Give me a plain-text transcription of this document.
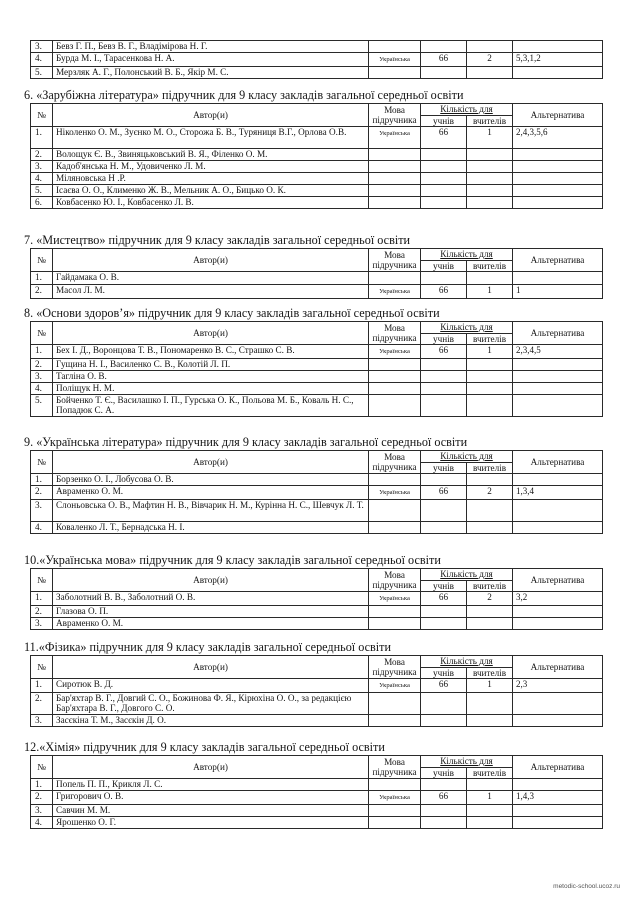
3.	Бевз Г. П., Бевз В. Г., Владімірова Н. Г.				
4.	Бурда М. І., Тарасенкова Н. А.	Українська	66	2	5,3,1,2
5.	Мерзляк А. Г., Полонський В. Б., Якір М. С.				
6. «Зарубіжна література» підручник для 9 класу закладів загальної середньої освіти
№	Автор(и)	Мова підручника	Кількість для		Альтернатива
			учнів	вчителів	
1.	Ніколенко О. М., Зуєнко М. О., Сторожа Б. В., Туряниця В.Г., Орлова О.В.	Українська	66	1	2,4,3,5,6
2.	Волощук Є. В., Звиняцьковський В. Я., Філенко О. М.				
3.	Кадоб'янська Н. М., Удовиченко Л. М.				
4.	Міляновська Н .Р.				
5.	Ісаєва О. О., Клименко Ж. В., Мельник А. О., Бицько О. К.				
6.	Ковбасенко Ю. І., Ковбасенко Л. В.				
7. «Мистецтво» підручник для 9 класу закладів загальної середньої освіти
№	Автор(и)	Мова підручника	Кількість для		Альтернатива
			учнів	вчителів	
1.	Гайдамака О. В.				
2.	Масол Л. М.	Українська	66	1	1
8. «Основи здоров’я» підручник для 9 класу закладів загальної середньої освіти
№	Автор(и)	Мова підручника	Кількість для		Альтернатива
			учнів	вчителів	
1.	Бех І. Д., Воронцова Т. В., Пономаренко В. С., Страшко С. В.	Українська	66	1	2,3,4,5
2.	Гущина Н. І., Василенко С. В., Колотій Л. П.				
3.	Тагліна О. В.				
4.	Поліщук Н. М.				
5.	Бойченко Т. Є., Василашко І. П., Гурська О. К., Польова М. Б., Коваль Н. С., Попадюк С. А.				
9. «Українська література» підручник для 9 класу закладів загальної середньої освіти
№	Автор(и)	Мова підручника	Кількість для		Альтернатива
			учнів	вчителів	
1.	Борзенко О. І., Лобусова О. В.				
2.	Авраменко О. М.	Українська	66	2	1,3,4
3.	Слоньовська О. В., Мафтин Н. В., Вівчарик Н. М., Курінна Н. С., Шевчук Л. Т.				
4.	Коваленко Л. Т., Бернадська Н. І.				
10.«Українська мова» підручник для 9 класу закладів загальної середньої освіти
№	Автор(и)	Мова підручника	Кількість для		Альтернатива
			учнів	вчителів	
1.	Заболотний В. В., Заболотний О. В.	Українська	66	2	3,2
2.	Глазова О. П.				
3.	Авраменко О. М.				
11.«Фізика» підручник для 9 класу закладів загальної середньої освіти
№	Автор(и)	Мова підручника	Кількість для		Альтернатива
			учнів	вчителів	
1.	Сиротюк В. Д.	Українська	66	1	2,3
2.	Бар'яхтар В. Г., Довгий С. О., Божинова Ф. Я., Кірюхіна О. О., за редакцією Бар'яхтара В. Г., Довгого С. О.				
3.	Засєкіна Т. М., Засєкін Д. О.				
12.«Хімія» підручник для 9 класу закладів загальної середньої освіти
№	Автор(и)	Мова підручника	Кількість для		Альтернатива
			учнів	вчителів	
1.	Попель П. П., Крикля Л. С.				
2.	Григорович О. В.	Українська	66	1	1,4,3
3.	Савчин М. М.				
4.	Ярошенко О. Г.				
metodic-school.ucoz.ru
